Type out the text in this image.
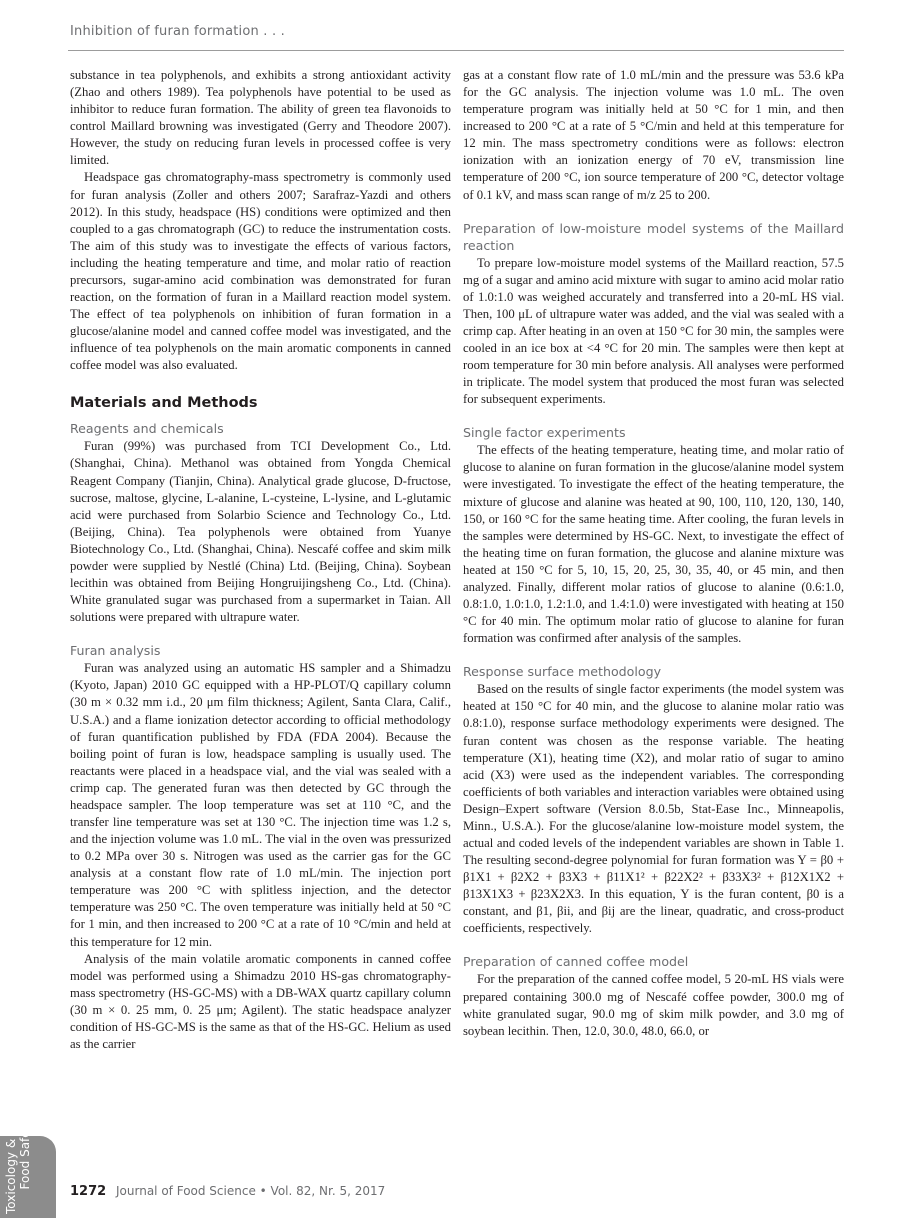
Inhibition of furan formation . . .

substance in tea polyphenols, and exhibits a strong antioxidant activity (Zhao and others 1989). Tea polyphenols have potential to be used as inhibitor to reduce furan formation. The ability of green tea flavonoids to control Maillard browning was investigated (Gerry and Theodore 2007). However, the study on reducing furan levels in processed coffee is very limited.

Headspace gas chromatography-mass spectrometry is commonly used for furan analysis (Zoller and others 2007; Sarafraz-Yazdi and others 2012). In this study, headspace (HS) conditions were optimized and then coupled to a gas chromatograph (GC) to reduce the instrumentation costs. The aim of this study was to investigate the effects of various factors, including the heating temperature and time, and molar ratio of reaction precursors, sugar-amino acid combination was demonstrated for furan reaction, on the formation of furan in a Maillard reaction model system. The effect of tea polyphenols on inhibition of furan formation in a glucose/alanine model and canned coffee model was investigated, and the influence of tea polyphenols on the main aromatic components in canned coffee model was also evaluated.

Materials and Methods
Reagents and chemicals

Furan (99%) was purchased from TCI Development Co., Ltd. (Shanghai, China). Methanol was obtained from Yongda Chemical Reagent Company (Tianjin, China). Analytical grade glucose, D-fructose, sucrose, maltose, glycine, L-alanine, L-cysteine, L-lysine, and L-glutamic acid were purchased from Solarbio Science and Technology Co., Ltd. (Beijing, China). Tea polyphenols were obtained from Yuanye Biotechnology Co., Ltd. (Shanghai, China). Nescafé coffee and skim milk powder were supplied by Nestlé (China) Ltd. (Beijing, China). Soybean lecithin was obtained from Beijing Hongruijingsheng Co., Ltd. (China). White granulated sugar was purchased from a supermarket in Taian. All solutions were prepared with ultrapure water.

Furan analysis

Furan was analyzed using an automatic HS sampler and a Shimadzu (Kyoto, Japan) 2010 GC equipped with a HP-PLOT/Q capillary column (30 m × 0.32 mm i.d., 20 μm film thickness; Agilent, Santa Clara, Calif., U.S.A.) and a flame ionization detector according to official methodology of furan quantification published by FDA (FDA 2004). Because the boiling point of furan is low, headspace sampling is usually used. The reactants were placed in a headspace vial, and the vial was sealed with a crimp cap. The generated furan was then detected by GC through the headspace sampler. The loop temperature was set at 110 °C, and the transfer line temperature was set at 130 °C. The injection time was 1.2 s, and the injection volume was 1.0 mL. The vial in the oven was pressurized to 0.2 MPa over 30 s. Nitrogen was used as the carrier gas for the GC analysis at a constant flow rate of 1.0 mL/min. The injection port temperature was 200 °C with splitless injection, and the detector temperature was 250 °C. The oven temperature was initially held at 50 °C for 1 min, and then increased to 200 °C at a rate of 10 °C/min and held at this temperature for 12 min.

Analysis of the main volatile aromatic components in canned coffee model was performed using a Shimadzu 2010 HS-gas chromatography-mass spectrometry (HS-GC-MS) with a DB-WAX quartz capillary column (30 m × 0. 25 mm, 0. 25 μm; Agilent). The static headspace analyzer condition of HS-GC-MS is the same as that of the HS-GC. Helium as used as the carrier

gas at a constant flow rate of 1.0 mL/min and the pressure was 53.6 kPa for the GC analysis. The injection volume was 1.0 mL. The oven temperature program was initially held at 50 °C for 1 min, and then increased to 200 °C at a rate of 5 °C/min and held at this temperature for 12 min. The mass spectrometry conditions were as follows: electron ionization with an ionization energy of 70 eV, transmission line temperature of 200 °C, ion source temperature of 200 °C, detector voltage of 0.1 kV, and mass scan range of m/z 25 to 200.

Preparation of low-moisture model systems of the Maillard reaction

To prepare low-moisture model systems of the Maillard reaction, 57.5 mg of a sugar and amino acid mixture with sugar to amino acid molar ratio of 1.0:1.0 was weighed accurately and transferred into a 20-mL HS vial. Then, 100 μL of ultrapure water was added, and the vial was sealed with a crimp cap. After heating in an oven at 150 °C for 30 min, the samples were cooled in an ice box at <4 °C for 20 min. The samples were then kept at room temperature for 30 min before analysis. All analyses were performed in triplicate. The model system that produced the most furan was selected for subsequent experiments.

Single factor experiments

The effects of the heating temperature, heating time, and molar ratio of glucose to alanine on furan formation in the glucose/alanine model system were investigated. To investigate the effect of the heating temperature, the mixture of glucose and alanine was heated at 90, 100, 110, 120, 130, 140, 150, or 160 °C for the same heating time. After cooling, the furan levels in the samples were determined by HS-GC. Next, to investigate the effect of the heating time on furan formation, the glucose and alanine mixture was heated at 150 °C for 5, 10, 15, 20, 25, 30, 35, 40, or 45 min, and then analyzed. Finally, different molar ratios of glucose to alanine (0.6:1.0, 0.8:1.0, 1.0:1.0, 1.2:1.0, and 1.4:1.0) were investigated with heating at 150 °C for 40 min. The optimum molar ratio of glucose to alanine for furan formation was confirmed after analysis of the samples.

Response surface methodology

Based on the results of single factor experiments (the model system was heated at 150 °C for 40 min, and the glucose to alanine molar ratio was 0.8:1.0), response surface methodology experiments were designed. The furan content was chosen as the response variable. The heating temperature (X1), heating time (X2), and molar ratio of sugar to amino acid (X3) were used as the independent variables. The corresponding coefficients of both variables and interaction variables were obtained using Design–Expert software (Version 8.0.5b, Stat-Ease Inc., Minneapolis, Minn., U.S.A.). For the glucose/alanine low-moisture model system, the actual and coded levels of the independent variables are shown in Table 1. The resulting second-degree polynomial for furan formation was Y = β0 + β1X1 + β2X2 + β3X3 + β11X1² + β22X2² + β33X3² + β12X1X2 + β13X1X3 + β23X2X3. In this equation, Y is the furan content, β0 is a constant, and β1, βii, and βij are the linear, quadratic, and cross-product coefficients, respectively.

Preparation of canned coffee model

For the preparation of the canned coffee model, 5 20-mL HS vials were prepared containing 300.0 mg of Nescafé coffee powder, 300.0 mg of white granulated sugar, 90.0 mg of skim milk powder, and 3.0 mg of soybean lecithin. Then, 12.0, 30.0, 48.0, 66.0, or

Toxicology & Chemical Food Safety
1272 Journal of Food Science • Vol. 82, Nr. 5, 2017
